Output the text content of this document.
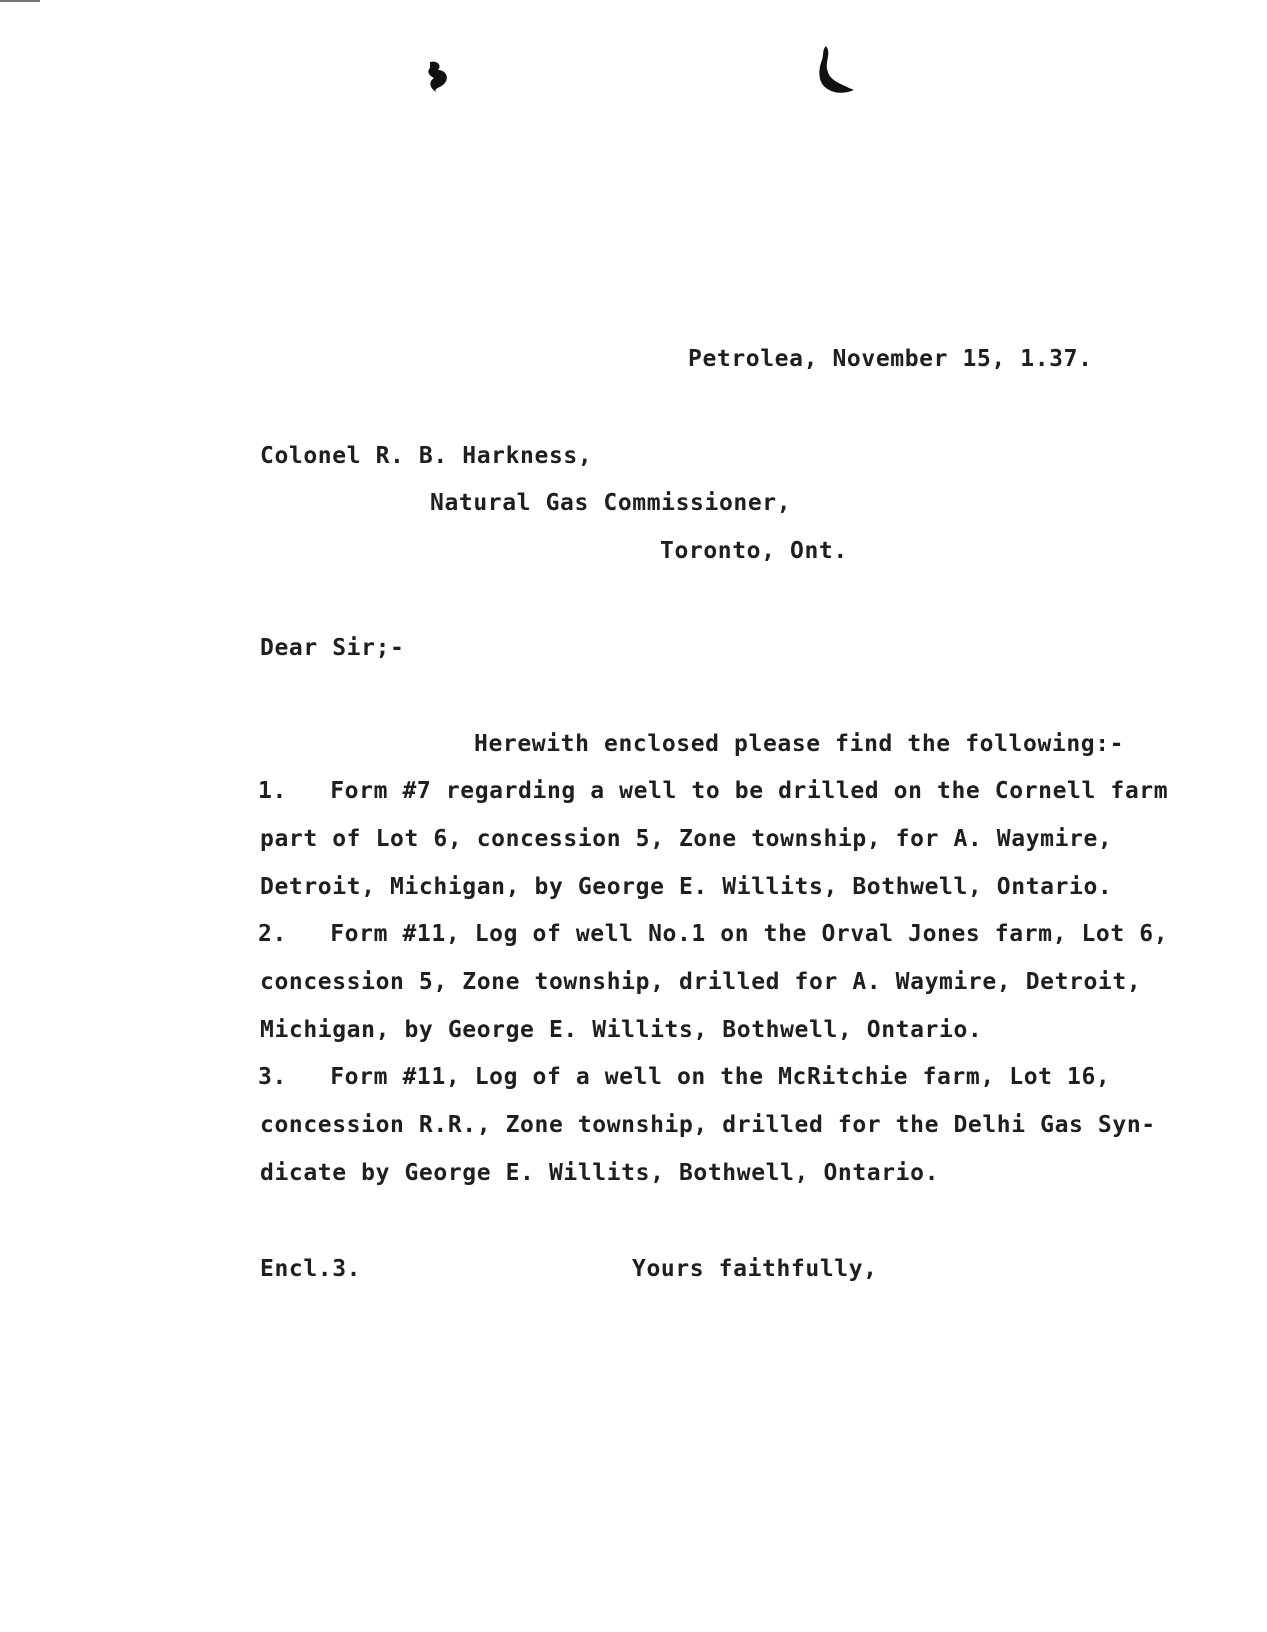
Petrolea, November 15, 1.37.
Colonel R. B. Harkness,
Natural Gas Commissioner,
Toronto, Ont.
Dear Sir;-
Herewith enclosed please find the following:-
1.   Form #7 regarding a well to be drilled on the Cornell farm
part of Lot 6, concession 5, Zone township, for A. Waymire,
Detroit, Michigan, by George E. Willits, Bothwell, Ontario.
2.   Form #11, Log of well No.1 on the Orval Jones farm, Lot 6,
concession 5, Zone township, drilled for A. Waymire, Detroit,
Michigan, by George E. Willits, Bothwell, Ontario.
3.   Form #11, Log of a well on the McRitchie farm, Lot 16,
concession R.R., Zone township, drilled for the Delhi Gas Syn-
dicate by George E. Willits, Bothwell, Ontario.
Encl.3.	Yours faithfully,
